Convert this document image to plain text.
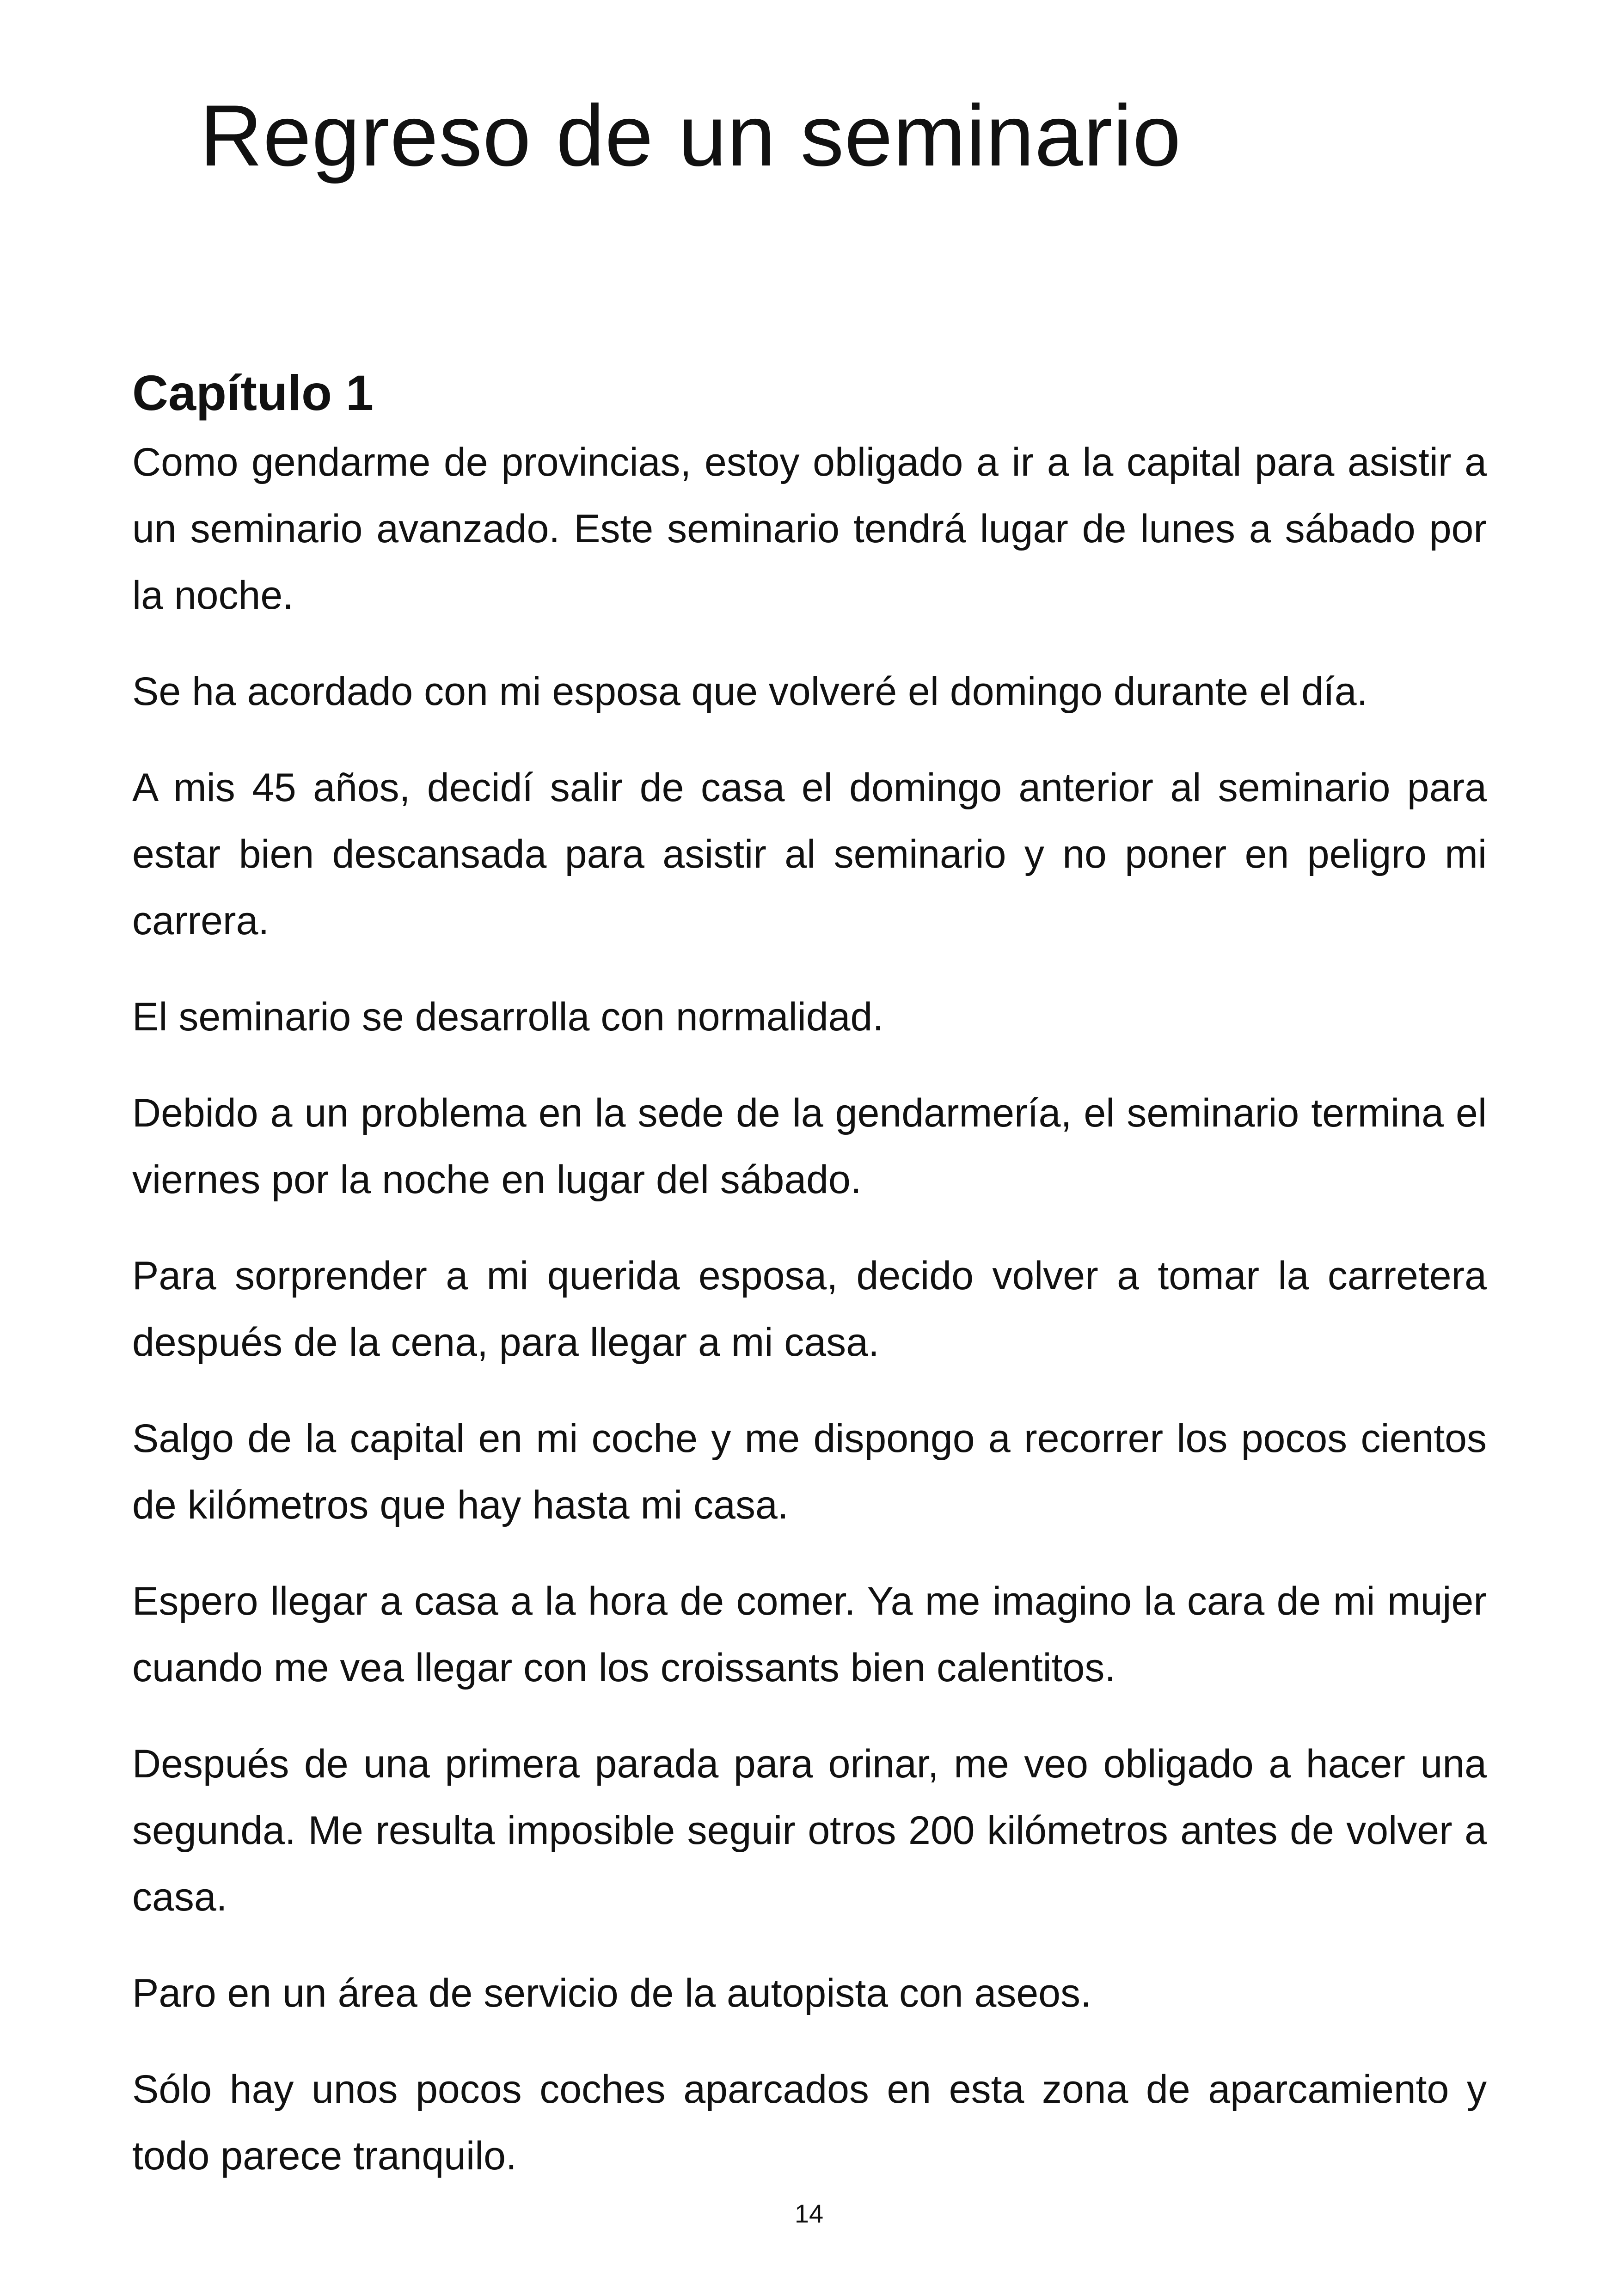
Regreso de un seminario
Capítulo 1

Como gendarme de provincias, estoy obligado a ir a la capital para asistir a un seminario avanzado. Este seminario tendrá lugar de lunes a sábado por la noche.

Se ha acordado con mi esposa que volveré el domingo durante el día.

A mis 45 años, decidí salir de casa el domingo anterior al seminario para estar bien descansada para asistir al seminario y no poner en peligro mi carrera.

El seminario se desarrolla con normalidad.

Debido a un problema en la sede de la gendarmería, el seminario termina el viernes por la noche en lugar del sábado.

Para sorprender a mi querida esposa, decido volver a tomar la carretera después de la cena, para llegar a mi casa.

Salgo de la capital en mi coche y me dispongo a recorrer los pocos cientos de kilómetros que hay hasta mi casa.

Espero llegar a casa a la hora de comer. Ya me imagino la cara de mi mujer cuando me vea llegar con los croissants bien calentitos.

Después de una primera parada para orinar, me veo obligado a hacer una segunda. Me resulta imposible seguir otros 200 kilómetros antes de volver a casa.

Paro en un área de servicio de la autopista con aseos.

Sólo hay unos pocos coches aparcados en esta zona de aparcamiento y todo parece tranquilo.

14
